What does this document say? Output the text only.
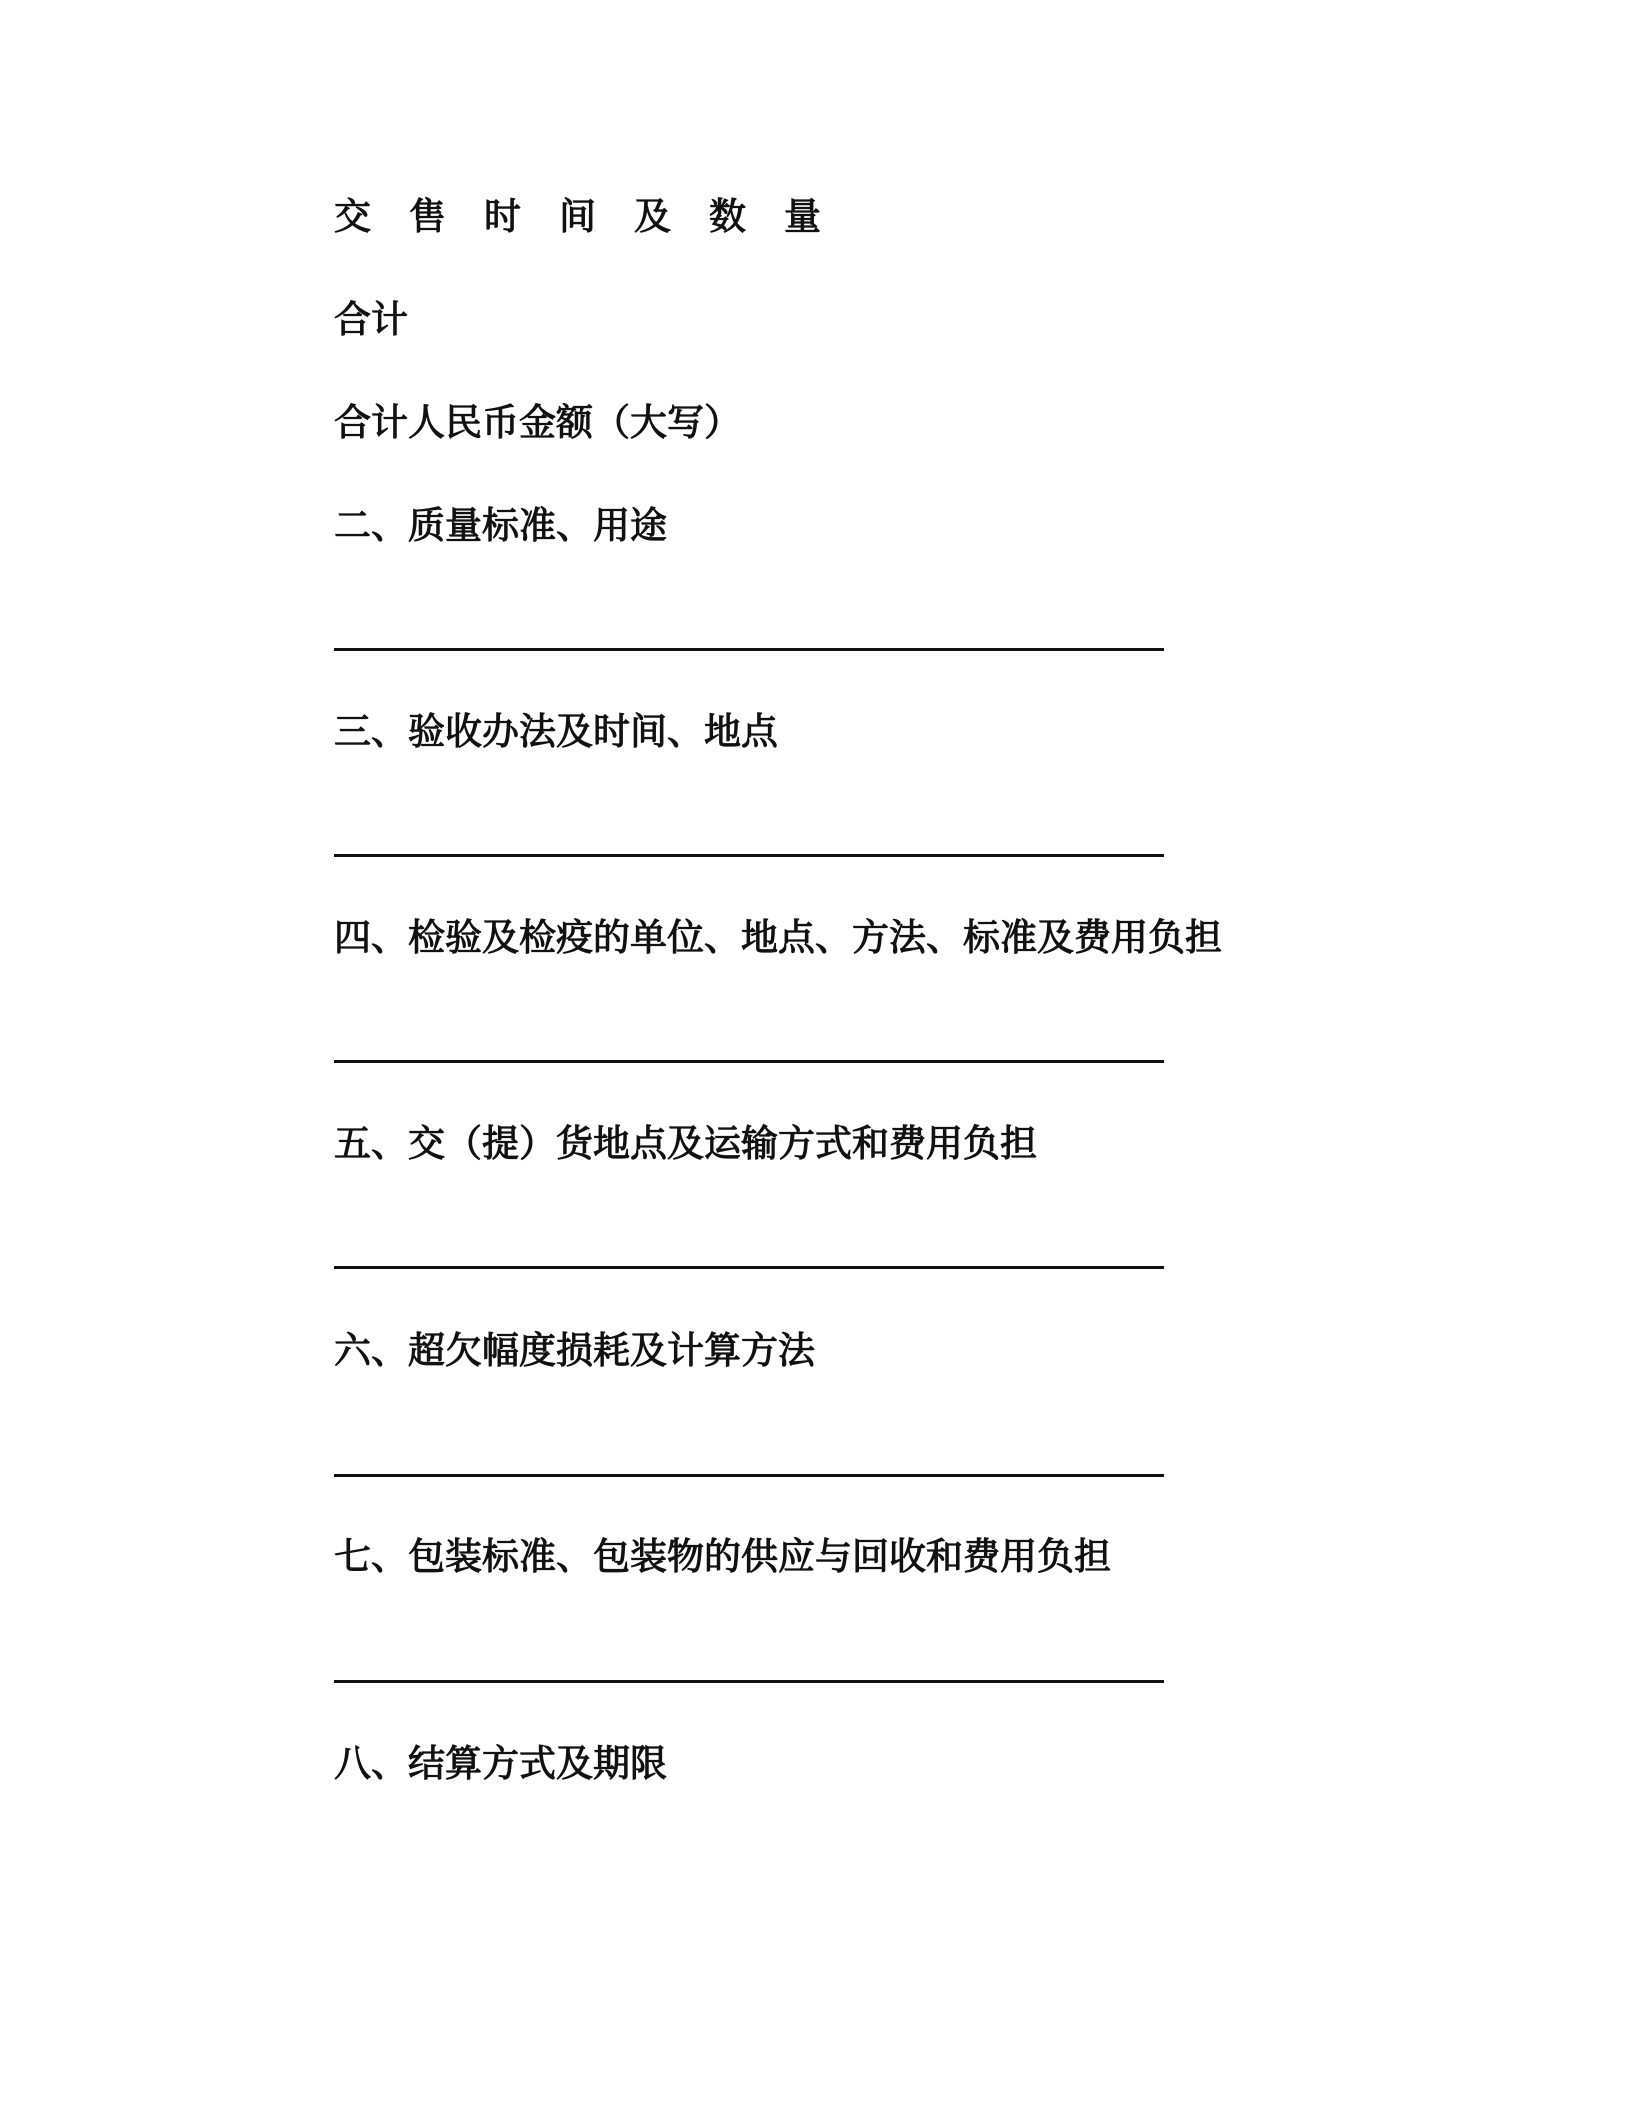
交售时间及数量
合计
合计人民币金额（大写）
二、质量标准、用途
三、验收办法及时间、地点
四、检验及检疫的单位、地点、方法、标准及费用负担
五、交（提）货地点及运输方式和费用负担
六、超欠幅度损耗及计算方法
七、包装标准、包装物的供应与回收和费用负担
八、结算方式及期限
